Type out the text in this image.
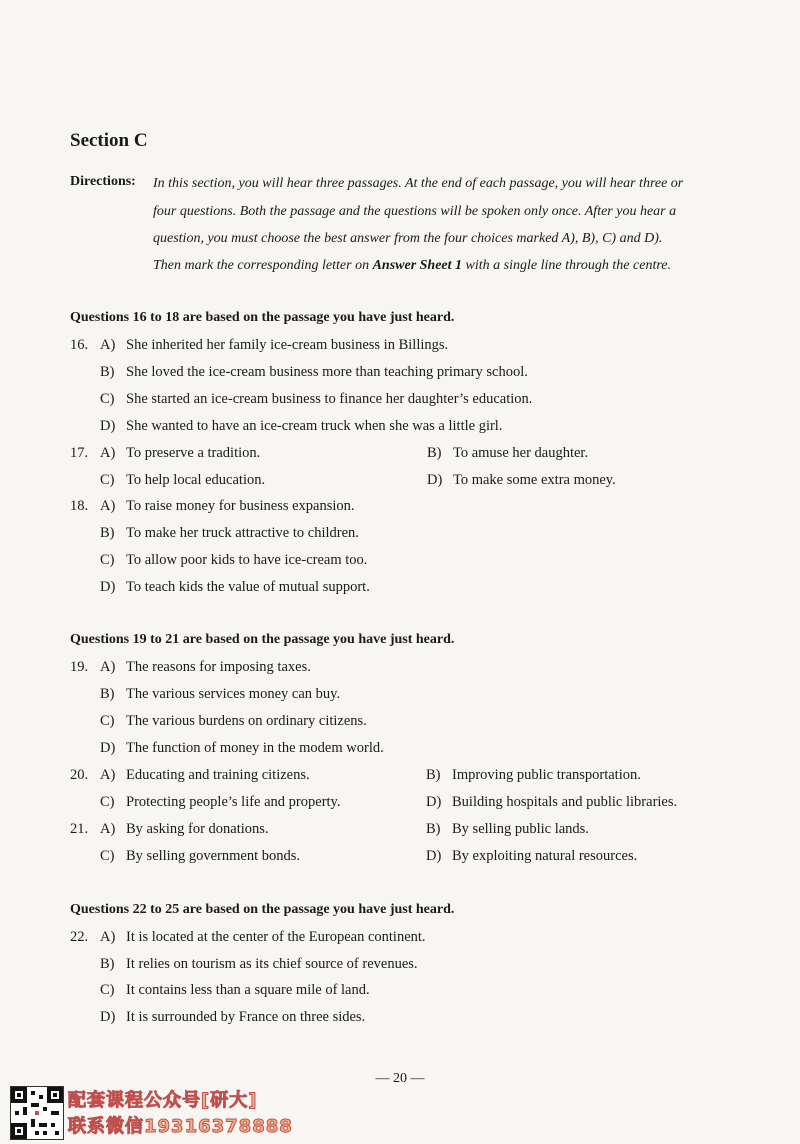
Section C
Directions: In this section, you will hear three passages. At the end of each passage, you will hear three or
four questions. Both the passage and the questions will be spoken only once. After you hear a
question, you must choose the best answer from the four choices marked A), B), C) and D).
Then mark the corresponding letter on Answer Sheet 1 with a single line through the centre.
Questions 16 to 18 are based on the passage you have just heard.
16. A) She inherited her family ice-cream business in Billings.
B) She loved the ice-cream business more than teaching primary school.
C) She started an ice-cream business to finance her daughter’s education.
D) She wanted to have an ice-cream truck when she was a little girl.
17. A) To preserve a tradition.	B) To amuse her daughter.
C) To help local education.	D) To make some extra money.
18. A) To raise money for business expansion.
B) To make her truck attractive to children.
C) To allow poor kids to have ice-cream too.
D) To teach kids the value of mutual support.
Questions 19 to 21 are based on the passage you have just heard.
19. A) The reasons for imposing taxes.
B) The various services money can buy.
C) The various burdens on ordinary citizens.
D) The function of money in the modem world.
20. A) Educating and training citizens.	B) Improving public transportation.
C) Protecting people’s life and property.	D) Building hospitals and public libraries.
21. A) By asking for donations.	B) By selling public lands.
C) By selling government bonds.	D) By exploiting natural resources.
Questions 22 to 25 are based on the passage you have just heard.
22. A) It is located at the center of the European continent.
B) It relies on tourism as its chief source of revenues.
C) It contains less than a square mile of land.
D) It is surrounded by France on three sides.
— 20 —
配套课程公众号[研大]
联系微信19316378888
